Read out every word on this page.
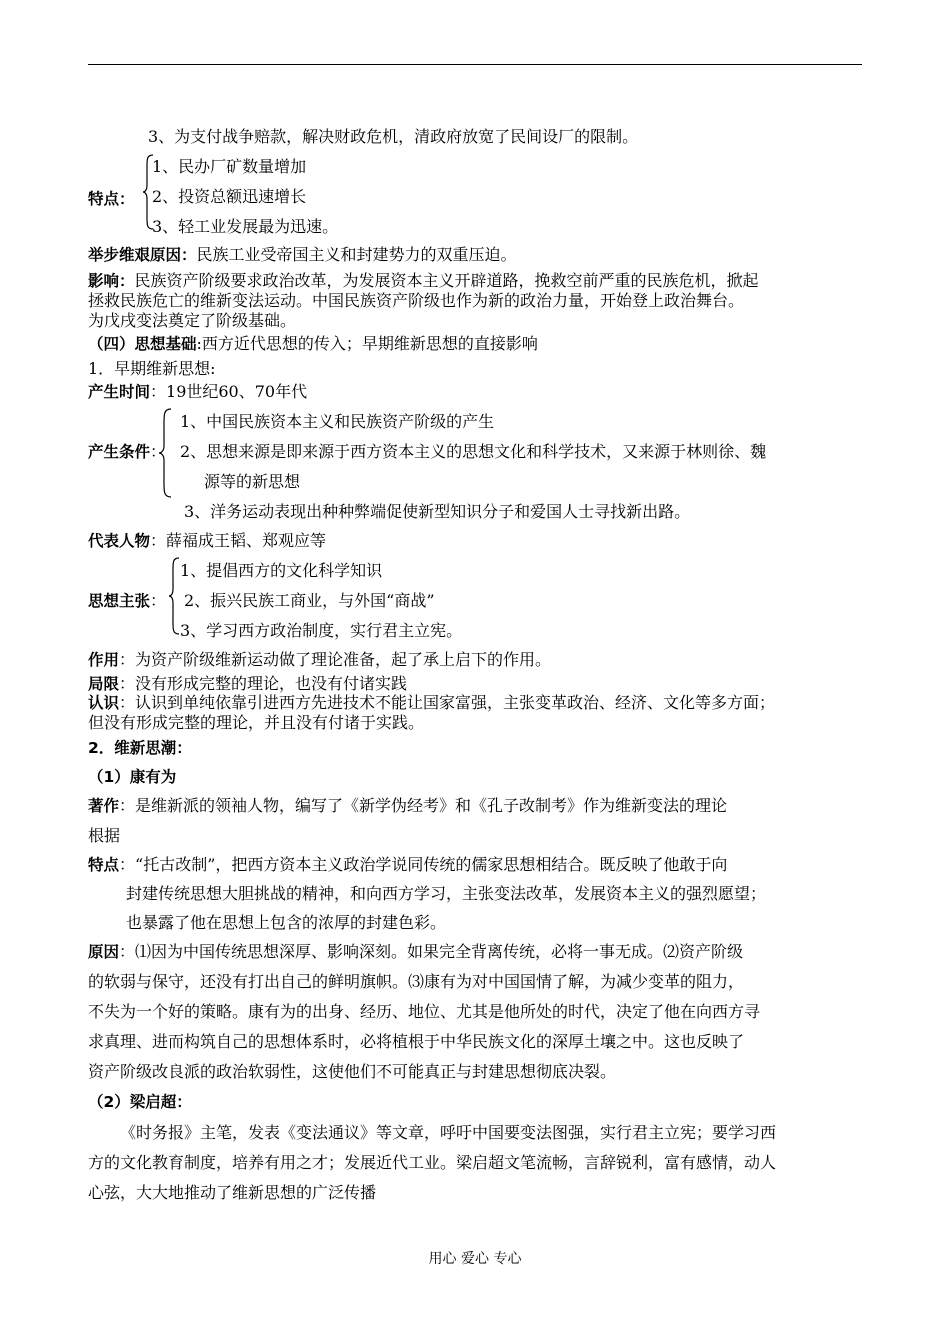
3、为支付战争赔款，解决财政危机，清政府放宽了民间设厂的限制。
特点：
1、民办厂矿数量增加
2、投资总额迅速增长
3、轻工业发展最为迅速。
举步维艰原因：民族工业受帝国主义和封建势力的双重压迫。
影响：民族资产阶级要求政治改革，为发展资本主义开辟道路，挽救空前严重的民族危机，掀起
拯救民族危亡的维新变法运动。中国民族资产阶级也作为新的政治力量，开始登上政治舞台。
为戊戌变法奠定了阶级基础。
（四）思想基础:西方近代思想的传入；早期维新思想的直接影响
1．早期维新思想:
产生时间：19世纪60、70年代
产生条件：
1、中国民族资本主义和民族资产阶级的产生
2、思想来源是即来源于西方资本主义的思想文化和科学技术，又来源于林则徐、魏
源等的新思想
3、洋务运动表现出种种弊端促使新型知识分子和爱国人士寻找新出路。
代表人物：薛福成王韬、郑观应等
思想主张：
1、提倡西方的文化科学知识
2、振兴民族工商业，与外国“商战”
3、学习西方政治制度，实行君主立宪。
作用：为资产阶级维新运动做了理论准备，起了承上启下的作用。
局限：没有形成完整的理论，也没有付诸实践
认识：认识到单纯依靠引进西方先进技术不能让国家富强，主张变革政治、经济、文化等多方面；
但没有形成完整的理论，并且没有付诸于实践。
2．维新思潮：
（1）康有为
著作：是维新派的领袖人物，编写了《新学伪经考》和《孔子改制考》作为维新变法的理论
根据
特点：“托古改制”，把西方资本主义政治学说同传统的儒家思想相结合。既反映了他敢于向
封建传统思想大胆挑战的精神，和向西方学习，主张变法改革，发展资本主义的强烈愿望；
也暴露了他在思想上包含的浓厚的封建色彩。
原因：⑴因为中国传统思想深厚、影响深刻。如果完全背离传统，必将一事无成。⑵资产阶级
的软弱与保守，还没有打出自己的鲜明旗帜。⑶康有为对中国国情了解，为减少变革的阻力，
不失为一个好的策略。康有为的出身、经历、地位、尤其是他所处的时代，决定了他在向西方寻
求真理、进而构筑自己的思想体系时，必将植根于中华民族文化的深厚土壤之中。这也反映了
资产阶级改良派的政治软弱性，这使他们不可能真正与封建思想彻底决裂。
（2）梁启超：
《时务报》主笔，发表《变法通议》等文章，呼吁中国要变法图强，实行君主立宪；要学习西
方的文化教育制度，培养有用之才；发展近代工业。梁启超文笔流畅，言辞锐利，富有感情，动人
心弦，大大地推动了维新思想的广泛传播
用心 爱心 专心
